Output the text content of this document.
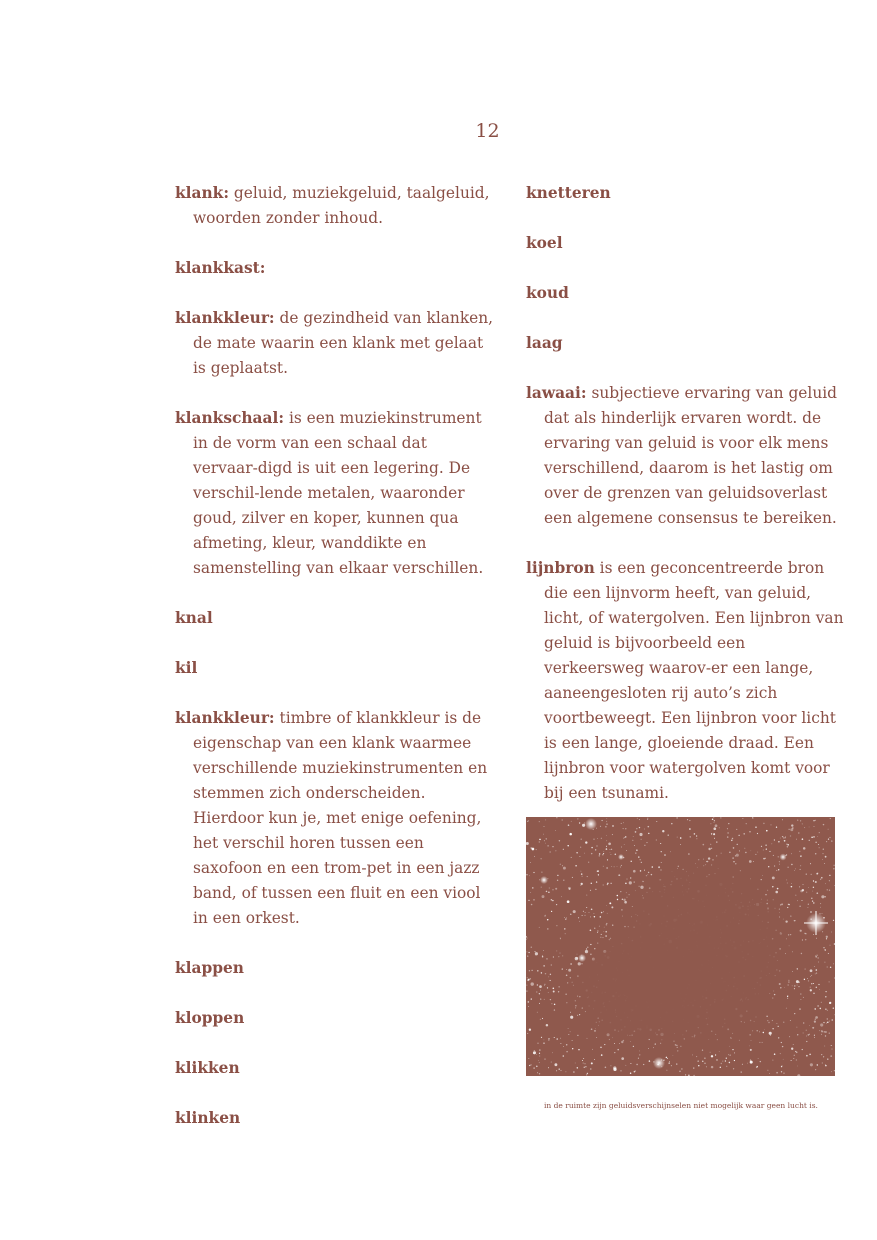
12

klank: geluid, muziekgeluid, taalgeluid, woorden zonder inhoud.

klankkast:

klankkleur: de gezindheid van klanken, de mate waarin een klank met gelaat is geplaatst.

klankschaal: is een muziekinstrument in de vorm van een schaal dat vervaar-digd is uit een legering. De verschil-lende metalen, waaronder goud, zilver en koper, kunnen qua afmeting, kleur, wanddikte en samenstelling van elkaar verschillen.

knal

kil

klankkleur: timbre of klankkleur is de eigenschap van een klank waarmee verschillende muziekinstrumenten en stemmen zich onderscheiden. Hierdoor kun je, met enige oefening, het verschil horen tussen een saxofoon en een trom-pet in een jazz band, of tussen een fluit en een viool in een orkest.

klappen

kloppen

klikken

klinken

knetteren

koel

koud

laag

lawaai: subjectieve ervaring van geluid dat als hinderlijk ervaren wordt. de ervaring van geluid is voor elk mens verschillend, daarom is het lastig om over de grenzen van geluidsoverlast een algemene consensus te bereiken.

lijnbron is een geconcentreerde bron die een lijnvorm heeft, van geluid, licht, of watergolven. Een lijnbron van geluid is bijvoorbeeld een verkeersweg waarov-er een lange, aaneengesloten rij auto’s zich voortbeweegt. Een lijnbron voor licht is een lange, gloeiende draad. Een lijnbron voor watergolven komt voor bij een tsunami.

in de ruimte zijn geluidsverschijnselen niet mogelijk waar geen lucht is.
